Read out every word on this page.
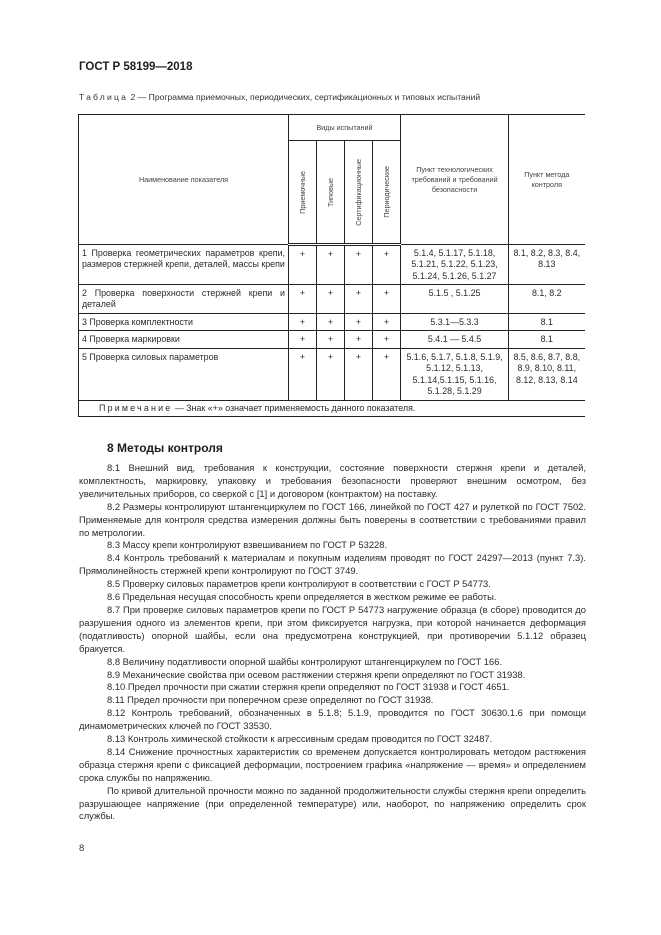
ГОСТ Р 58199—2018
Таблица 2 — Программа приемочных, периодических, сертификационных и типовых испытаний
Наименование показателя	Виды испытаний				Пункт технологических требований и требований безопасности	Пункт метода контроля

	Приемочные	Типовые	Сертификационные	Периодические		

1 Проверка геометрических параметров крепи, размеров стержней крепи, деталей, массы крепи	+	+	+	+	5.1.4, 5.1.17, 5.1.18, 5.1.21, 5.1.22, 5.1.23, 5.1.24, 5.1.26, 5.1.27	8.1, 8.2, 8.3, 8.4, 8.13
2 Проверка поверхности стержней крепи и деталей	+	+	+	+	5.1.5 , 5.1.25	8.1, 8.2
3 Проверка комплектности	+	+	+	+	5.3.1—5.3.3	8.1
4 Проверка маркировки	+	+	+	+	5.4.1 — 5.4.5	8.1
5 Проверка силовых параметров	+	+	+	+	5.1.6, 5.1.7, 5.1.8, 5.1.9, 5.1.12, 5.1.13, 5.1.14,5.1.15, 5.1.16, 5.1.28, 5.1.29	8.5, 8.6, 8.7, 8.8, 8.9, 8.10, 8.11, 8.12, 8.13, 8.14
Примечание — Знак «+» означает применяемость данного показателя.						
8 Методы контроля

8.1 Внешний вид, требования к конструкции, состояние поверхности стержня крепи и деталей, комплектность, маркировку, упаковку и требования безопасности проверяют внешним осмотром, без увеличительных приборов, со сверкой с [1] и договором (контрактом) на поставку.

8.2 Размеры контролируют штангенциркулем по ГОСТ 166, линейкой по ГОСТ 427 и рулеткой по ГОСТ 7502. Применяемые для контроля средства измерения должны быть поверены в соответствии с требованиями правил по метрологии.

8.3 Массу крепи контролируют взвешиванием по ГОСТ Р 53228.

8.4 Контроль требований к материалам и покупным изделиям проводят по ГОСТ 24297—2013 (пункт 7.3). Прямолинейность стержней крепи контролируют по ГОСТ 3749.

8.5 Проверку силовых параметров крепи контролируют в соответствии с ГОСТ Р 54773.

8.6 Предельная несущая способность крепи определяется в жестком режиме ее работы.

8.7 При проверке силовых параметров крепи по ГОСТ Р 54773 нагружение образца (в сборе) проводится до разрушения одного из элементов крепи, при этом фиксируется нагрузка, при которой начинается деформация (податливость) опорной шайбы, если она предусмотрена конструкцией, при противоречии 5.1.12 образец бракуется.

8.8 Величину податливости опорной шайбы контролируют штангенциркулем по ГОСТ 166.

8.9 Механические свойства при осевом растяжении стержня крепи определяют по ГОСТ 31938.

8.10 Предел прочности при сжатии стержня крепи определяют по ГОСТ 31938 и ГОСТ 4651.

8.11 Предел прочности при поперечном срезе определяют по ГОСТ 31938.

8.12 Контроль требований, обозначенных в 5.1.8; 5.1.9, проводится по ГОСТ 30630.1.6 при помощи динамометрических ключей по ГОСТ 33530.

8.13 Контроль химической стойкости к агрессивным средам проводится по ГОСТ 32487.

8.14 Снижение прочностных характеристик со временем допускается контролировать методом растяжения образца стержня крепи с фиксацией деформации, построением графика «напряжение — время» и определением срока службы по напряжению.

По кривой длительной прочности можно по заданной продолжительности службы стержня крепи определить разрушающее напряжение (при определенной температуре) или, наоборот, по напряжению определить срок службы.

8
